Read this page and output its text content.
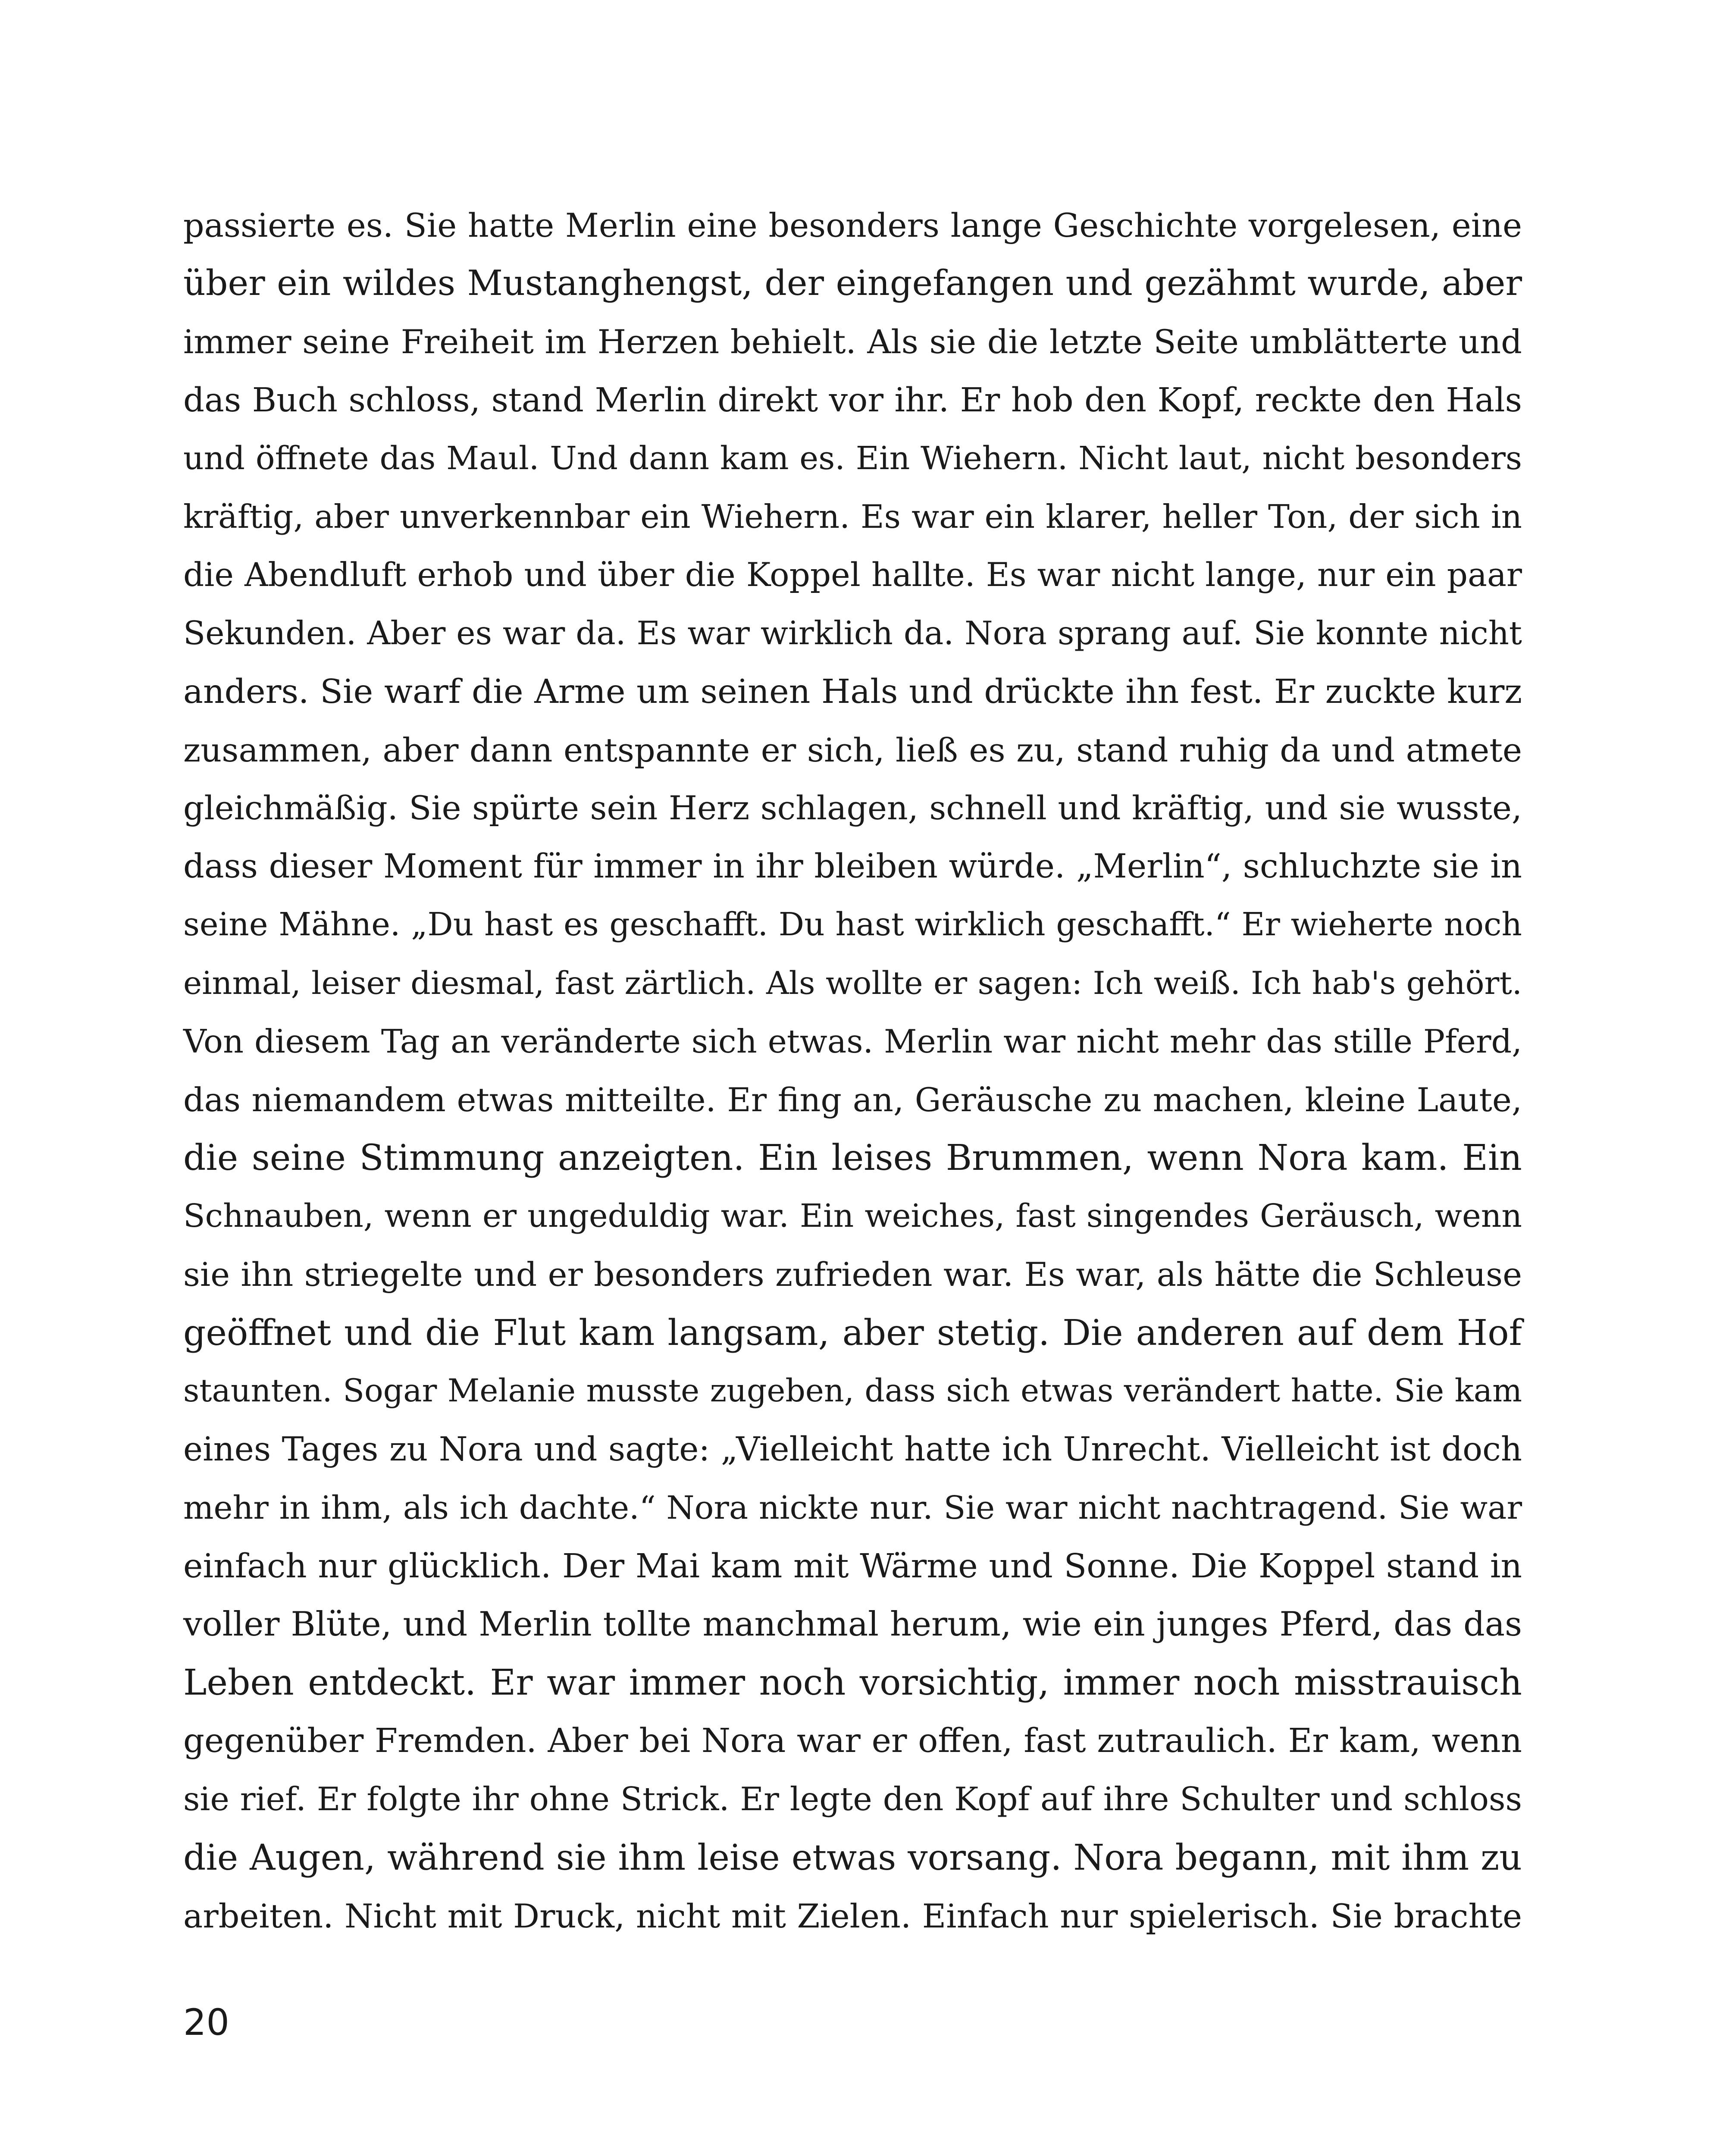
passierte es. Sie hatte Merlin eine besonders lange Geschichte vorgelesen, eine
über ein wildes Mustanghengst, der eingefangen und gezähmt wurde, aber
immer seine Freiheit im Herzen behielt. Als sie die letzte Seite umblätterte und
das Buch schloss, stand Merlin direkt vor ihr. Er hob den Kopf, reckte den Hals
und öffnete das Maul. Und dann kam es. Ein Wiehern. Nicht laut, nicht besonders
kräftig, aber unverkennbar ein Wiehern. Es war ein klarer, heller Ton, der sich in
die Abendluft erhob und über die Koppel hallte. Es war nicht lange, nur ein paar
Sekunden. Aber es war da. Es war wirklich da. Nora sprang auf. Sie konnte nicht
anders. Sie warf die Arme um seinen Hals und drückte ihn fest. Er zuckte kurz
zusammen, aber dann entspannte er sich, ließ es zu, stand ruhig da und atmete
gleichmäßig. Sie spürte sein Herz schlagen, schnell und kräftig, und sie wusste,
dass dieser Moment für immer in ihr bleiben würde. „Merlin“, schluchzte sie in
seine Mähne. „Du hast es geschafft. Du hast wirklich geschafft.“ Er wieherte noch
einmal, leiser diesmal, fast zärtlich. Als wollte er sagen: Ich weiß. Ich hab's gehört.
Von diesem Tag an veränderte sich etwas. Merlin war nicht mehr das stille Pferd,
das niemandem etwas mitteilte. Er fing an, Geräusche zu machen, kleine Laute,
die seine Stimmung anzeigten. Ein leises Brummen, wenn Nora kam. Ein
Schnauben, wenn er ungeduldig war. Ein weiches, fast singendes Geräusch, wenn
sie ihn striegelte und er besonders zufrieden war. Es war, als hätte die Schleuse
geöffnet und die Flut kam langsam, aber stetig. Die anderen auf dem Hof
staunten. Sogar Melanie musste zugeben, dass sich etwas verändert hatte. Sie kam
eines Tages zu Nora und sagte: „Vielleicht hatte ich Unrecht. Vielleicht ist doch
mehr in ihm, als ich dachte.“ Nora nickte nur. Sie war nicht nachtragend. Sie war
einfach nur glücklich. Der Mai kam mit Wärme und Sonne. Die Koppel stand in
voller Blüte, und Merlin tollte manchmal herum, wie ein junges Pferd, das das
Leben entdeckt. Er war immer noch vorsichtig, immer noch misstrauisch
gegenüber Fremden. Aber bei Nora war er offen, fast zutraulich. Er kam, wenn
sie rief. Er folgte ihr ohne Strick. Er legte den Kopf auf ihre Schulter und schloss
die Augen, während sie ihm leise etwas vorsang. Nora begann, mit ihm zu
arbeiten. Nicht mit Druck, nicht mit Zielen. Einfach nur spielerisch. Sie brachte
20
